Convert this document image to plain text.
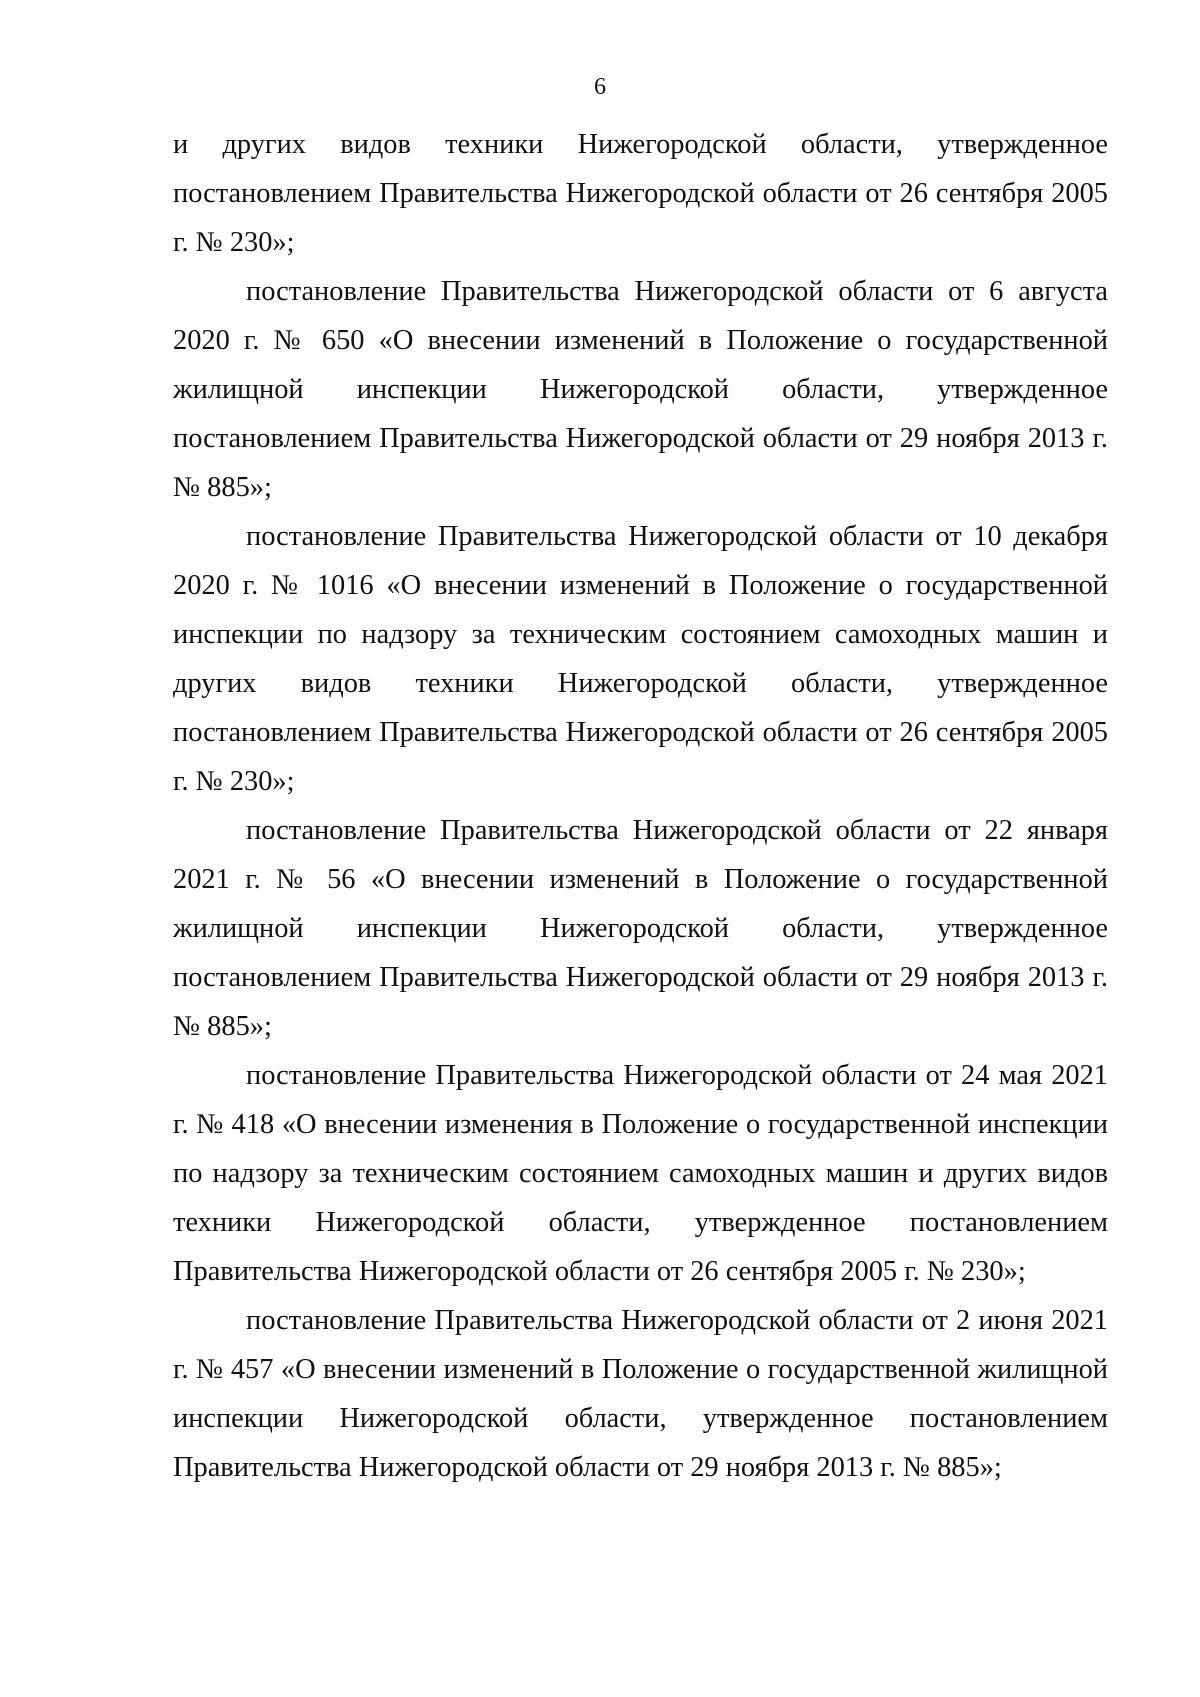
6

и других видов техники Нижегородской области, утвержденное постановлением Правительства Нижегородской области от 26 сентября 2005 г. № 230»;

постановление Правительства Нижегородской области от 6 августа 2020 г. № 650 «О внесении изменений в Положение о государственной жилищной инспекции Нижегородской области, утвержденное постановлением Правительства Нижегородской области от 29 ноября 2013 г. № 885»;

постановление Правительства Нижегородской области от 10 декабря 2020 г. № 1016 «О внесении изменений в Положение о государственной инспекции по надзору за техническим состоянием самоходных машин и других видов техники Нижегородской области, утвержденное постановлением Правительства Нижегородской области от 26 сентября 2005 г. № 230»;

постановление Правительства Нижегородской области от 22 января 2021 г. № 56 «О внесении изменений в Положение о государственной жилищной инспекции Нижегородской области, утвержденное постановлением Правительства Нижегородской области от 29 ноября 2013 г. № 885»;

постановление Правительства Нижегородской области от 24 мая 2021 г. № 418 «О внесении изменения в Положение о государственной инспекции по надзору за техническим состоянием самоходных машин и других видов техники Нижегородской области, утвержденное постановлением Правительства Нижегородской области от 26 сентября 2005 г. № 230»;

постановление Правительства Нижегородской области от 2 июня 2021 г. № 457 «О внесении изменений в Положение о государственной жилищной инспекции Нижегородской области, утвержденное постановлением Правительства Нижегородской области от 29 ноября 2013 г. № 885»;
